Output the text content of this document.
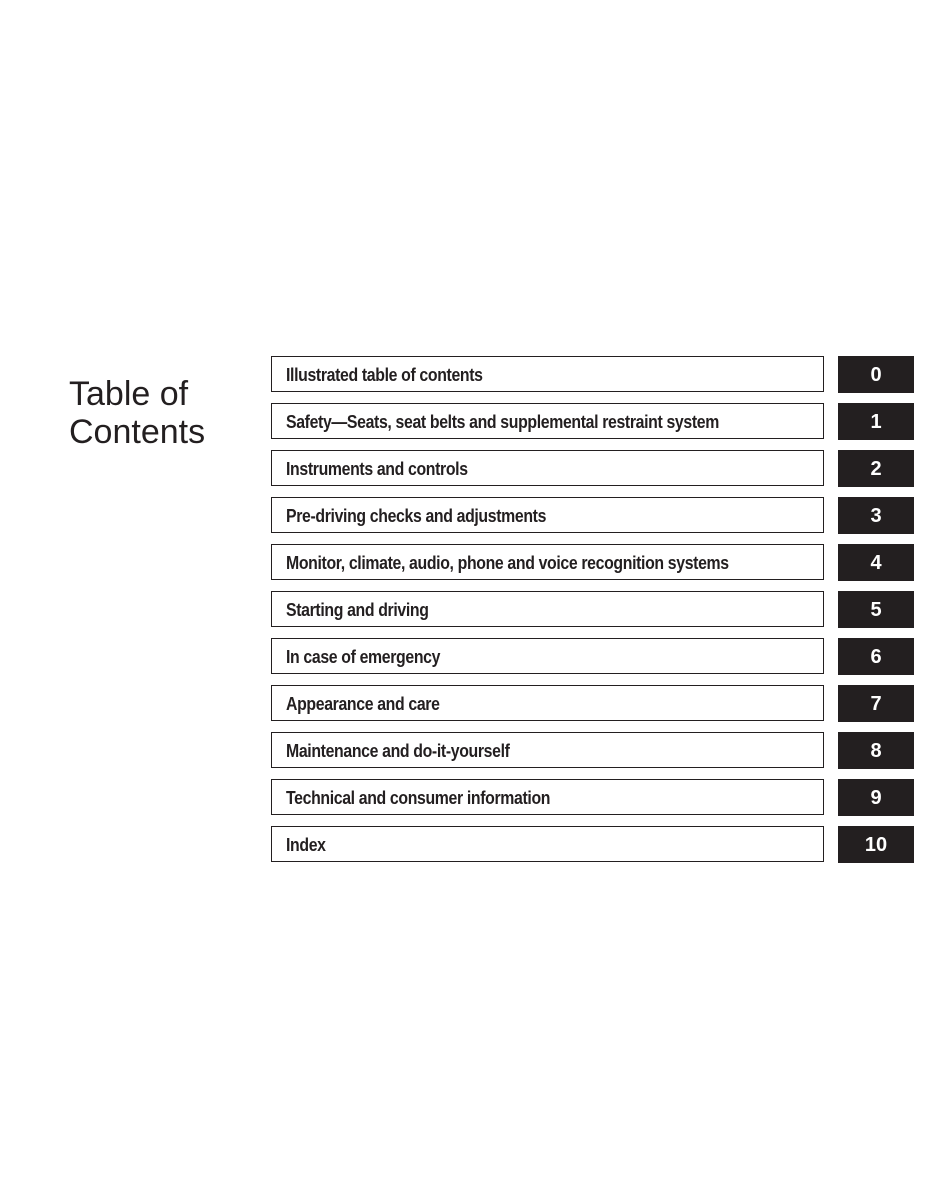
Table of
Contents
Illustrated table of contents	0
Safety—Seats, seat belts and supplemental restraint system	1
Instruments and controls	2
Pre-driving checks and adjustments	3
Monitor, climate, audio, phone and voice recognition systems	4
Starting and driving	5
In case of emergency	6
Appearance and care	7
Maintenance and do-it-yourself	8
Technical and consumer information	9
Index	10
